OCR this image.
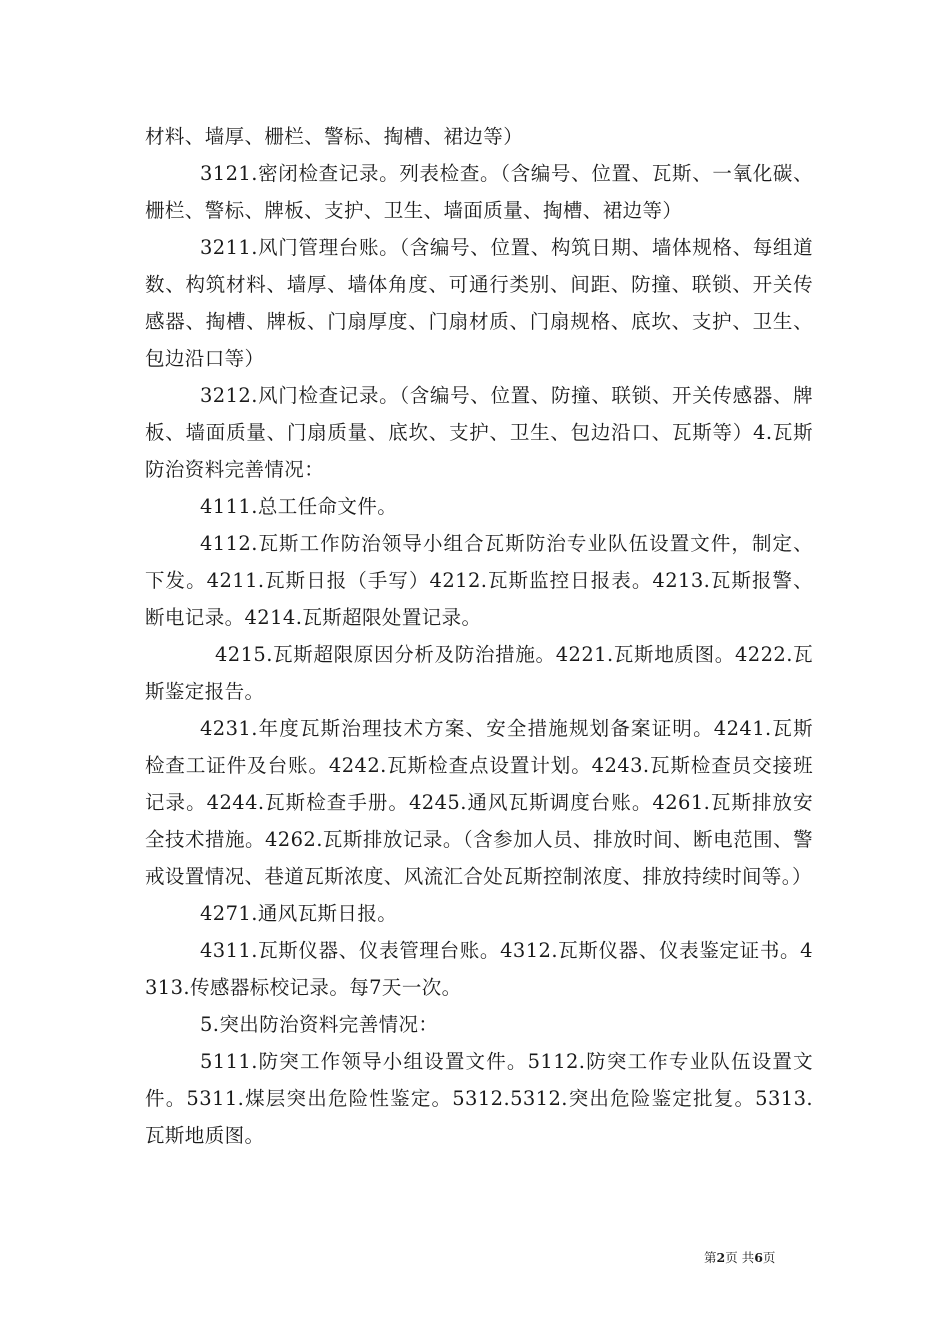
材料、墙厚、栅栏、警标、掏槽、裙边等）

3121.密闭检查记录。列表检查。（含编号、位置、瓦斯、一氧化碳、栅栏、警标、牌板、支护、卫生、墙面质量、掏槽、裙边等）

3211.风门管理台账。（含编号、位置、构筑日期、墙体规格、每组道数、构筑材料、墙厚、墙体角度、可通行类别、间距、防撞、联锁、开关传感器、掏槽、牌板、门扇厚度、门扇材质、门扇规格、底坎、支护、卫生、包边沿口等）

3212.风门检查记录。（含编号、位置、防撞、联锁、开关传感器、牌板、墙面质量、门扇质量、底坎、支护、卫生、包边沿口、瓦斯等）4.瓦斯防治资料完善情况：

4111.总工任命文件。

4112.瓦斯工作防治领导小组合瓦斯防治专业队伍设置文件，制定、下发。4211.瓦斯日报（手写）4212.瓦斯监控日报表。4213.瓦斯报警、断电记录。4214.瓦斯超限处置记录。

4215.瓦斯超限原因分析及防治措施。4221.瓦斯地质图。4222.瓦斯鉴定报告。

4231.年度瓦斯治理技术方案、安全措施规划备案证明。4241.瓦斯检查工证件及台账。4242.瓦斯检查点设置计划。4243.瓦斯检查员交接班记录。4244.瓦斯检查手册。4245.通风瓦斯调度台账。4261.瓦斯排放安全技术措施。4262.瓦斯排放记录。（含参加人员、排放时间、断电范围、警戒设置情况、巷道瓦斯浓度、风流汇合处瓦斯控制浓度、排放持续时间等。）

4271.通风瓦斯日报。

4311.瓦斯仪器、仪表管理台账。4312.瓦斯仪器、仪表鉴定证书。4313.传感器标校记录。每7天一次。

5.突出防治资料完善情况：

5111.防突工作领导小组设置文件。5112.防突工作专业队伍设置文件。5311.煤层突出危险性鉴定。5312.5312.突出危险鉴定批复。5313.瓦斯地质图。

第2页 共6页
